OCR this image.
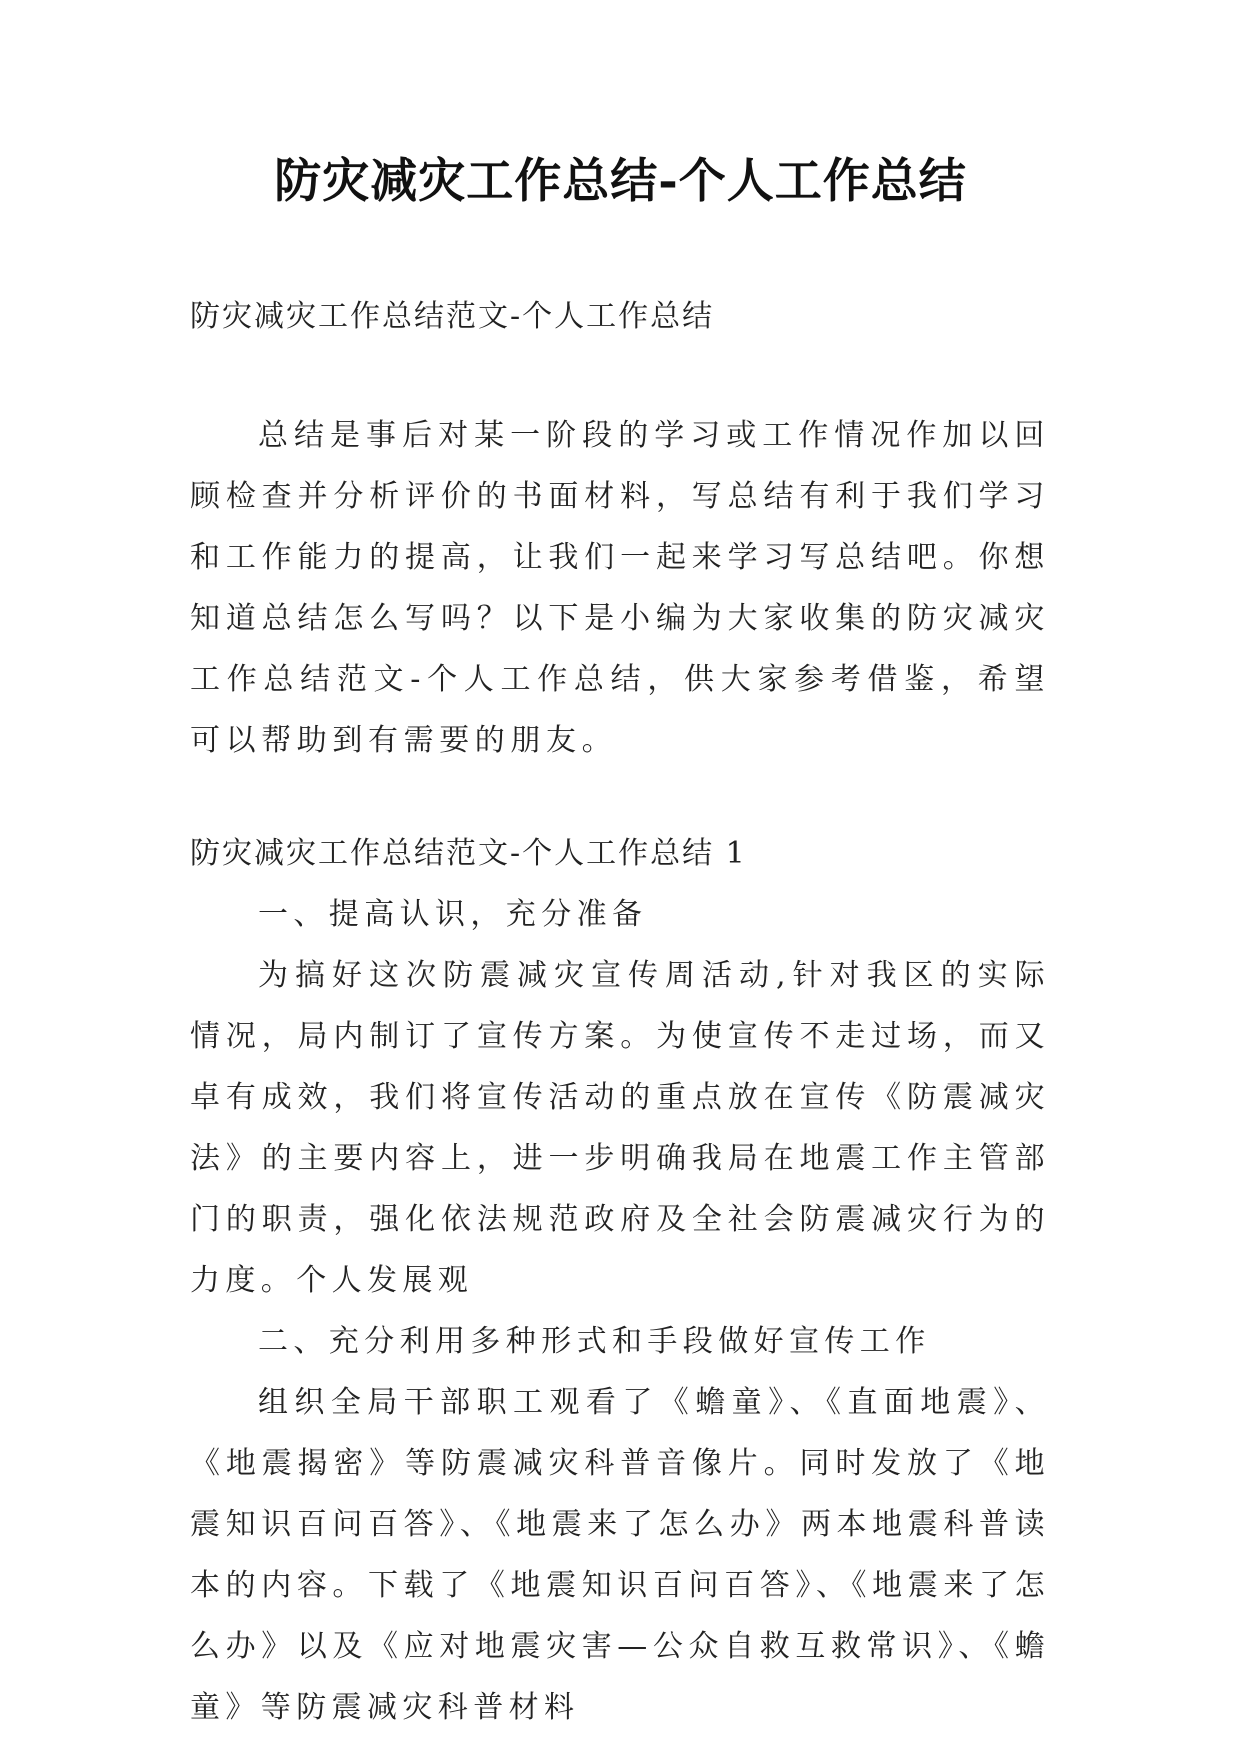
防灾减灾工作总结-个人工作总结

防灾减灾工作总结范文-个人工作总结

总结是事后对某一阶段的学习或工作情况作加以回顾检查并分析评价的书面材料，写总结有利于我们学习和工作能力的提高，让我们一起来学习写总结吧。你想知道总结怎么写吗？以下是小编为大家收集的防灾减灾工作总结范文-个人工作总结，供大家参考借鉴，希望可以帮助到有需要的朋友。

防灾减灾工作总结范文-个人工作总结 1

一、提高认识，充分准备

为搞好这次防震减灾宣传周活动,针对我区的实际情况，局内制订了宣传方案。为使宣传不走过场，而又卓有成效，我们将宣传活动的重点放在宣传《防震减灾法》的主要内容上，进一步明确我局在地震工作主管部门的职责，强化依法规范政府及全社会防震减灾行为的力度。个人发展观

二、充分利用多种形式和手段做好宣传工作

组织全局干部职工观看了《蟾童》、《直面地震》、《地震揭密》等防震减灾科普音像片。同时发放了《地震知识百问百答》、《地震来了怎么办》两本地震科普读本的内容。下载了《地震知识百问百答》、《地震来了怎么办》以及《应对地震灾害—公众自救互救常识》、《蟾童》等防震减灾科普材料
